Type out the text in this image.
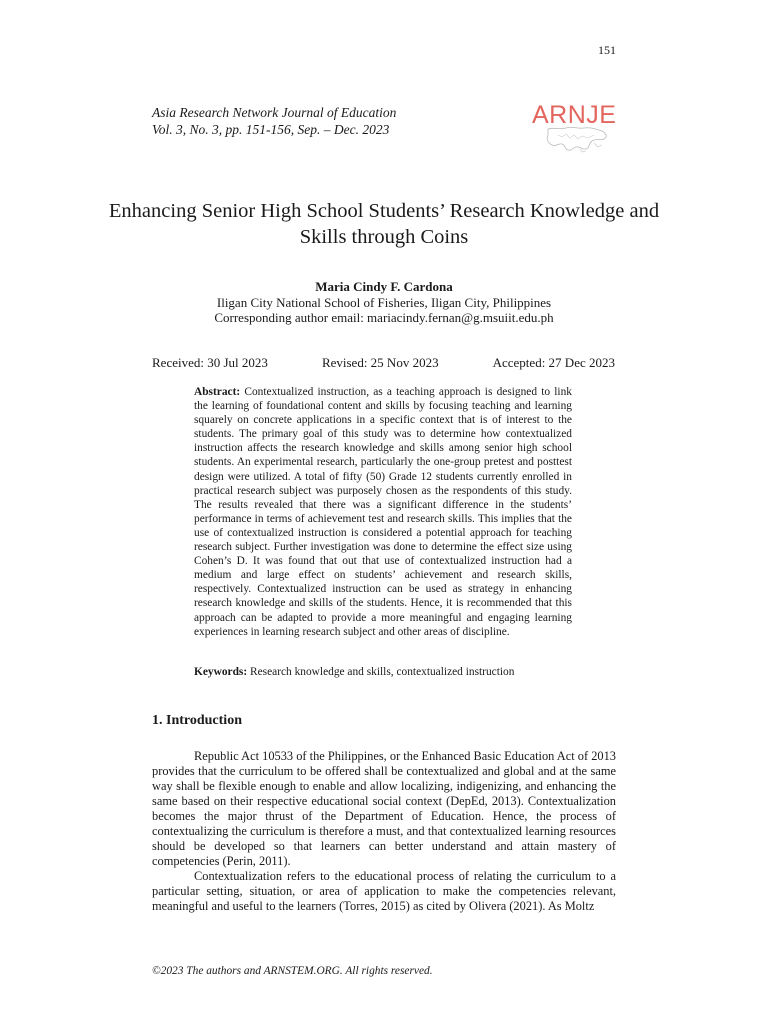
151
Asia Research Network Journal of Education
Vol. 3, No. 3, pp. 151-156, Sep. – Dec. 2023
ARNJE
Enhancing Senior High School Students’ Research Knowledge and Skills through Coins
Maria Cindy F. Cardona
Iligan City National School of Fisheries, Iligan City, Philippines
Corresponding author email: mariacindy.fernan@g.msuiit.edu.ph
Received: 30 Jul 2023	Revised: 25 Nov 2023	Accepted: 27 Dec 2023
Abstract: Contextualized instruction, as a teaching approach is designed to link the learning of foundational content and skills by focusing teaching and learning squarely on concrete applications in a specific context that is of interest to the students. The primary goal of this study was to determine how contextualized instruction affects the research knowledge and skills among senior high school students. An experimental research, particularly the one-group pretest and posttest design were utilized. A total of fifty (50) Grade 12 students currently enrolled in practical research subject was purposely chosen as the respondents of this study. The results revealed that there was a significant difference in the students’ performance in terms of achievement test and research skills. This implies that the use of contextualized instruction is considered a potential approach for teaching research subject. Further investigation was done to determine the effect size using Cohen’s D. It was found that out that use of contextualized instruction had a medium and large effect on students’ achievement and research skills, respectively. Contextualized instruction can be used as strategy in enhancing research knowledge and skills of the students. Hence, it is recommended that this approach can be adapted to provide a more meaningful and engaging learning experiences in learning research subject and other areas of discipline.
Keywords: Research knowledge and skills, contextualized instruction
1. Introduction

Republic Act 10533 of the Philippines, or the Enhanced Basic Education Act of 2013 provides that the curriculum to be offered shall be contextualized and global and at the same way shall be flexible enough to enable and allow localizing, indigenizing, and enhancing the same based on their respective educational social context (DepEd, 2013). Contextualization becomes the major thrust of the Department of Education. Hence, the process of contextualizing the curriculum is therefore a must, and that contextualized learning resources should be developed so that learners can better understand and attain mastery of competencies (Perin, 2011).

Contextualization refers to the educational process of relating the curriculum to a particular setting, situation, or area of application to make the competencies relevant, meaningful and useful to the learners (Torres, 2015) as cited by Olivera (2021). As Moltz

©2023 The authors and ARNSTEM.ORG. All rights reserved.
